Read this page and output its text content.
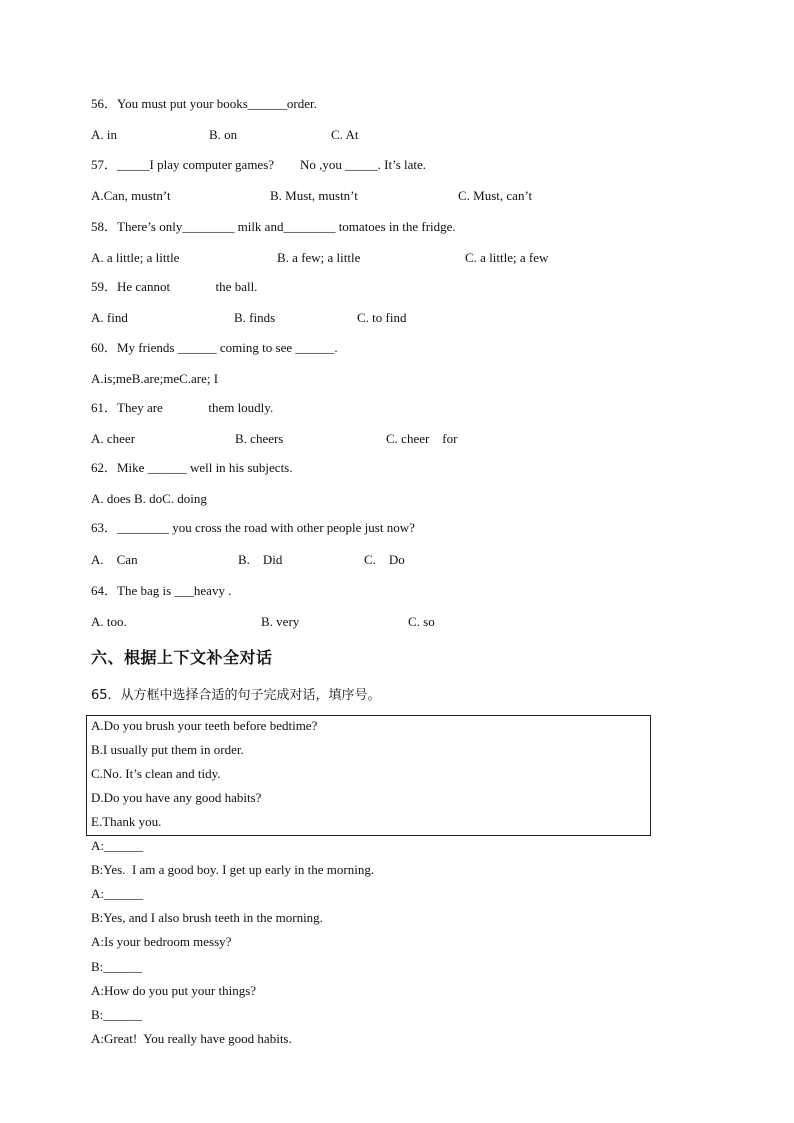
56．You must put your books______order.
A. in	B. on	C. At
57．_____I play computer games?        No ,you _____. It’s late.
A.Can, mustn’t	B. Must, mustn’t	C. Must, can’t
58．There’s only________ milk and________ tomatoes in the fridge.
A. a little; a little	B. a few; a little	C. a little; a few
59．He cannot              the ball.
A. find	B. finds	C. to find
60．My friends ______ coming to see ______.
A.is;meB.are;meC.are; I
61．They are              them loudly.
A. cheer	B. cheers	C. cheer    for
62．Mike ______ well in his subjects.
A. does B. doC. doing
63．________ you cross the road with other people just now?
A.    Can	B.    Did	C.    Do
64．The bag is ___heavy .
A. too.	B. very	C. so
六、根据上下文补全对话
65．从方框中选择合适的句子完成对话，填序号。
A.Do you brush your teeth before bedtime?
B.I usually put them in order.
C.No. It’s clean and tidy.
D.Do you have any good habits?
E.Thank you.
A:______
B:Yes.  I am a good boy. I get up early in the morning.
A:______
B:Yes, and I also brush teeth in the morning.
A:Is your bedroom messy?
B:______
A:How do you put your things?
B:______
A:Great!  You really have good habits.
